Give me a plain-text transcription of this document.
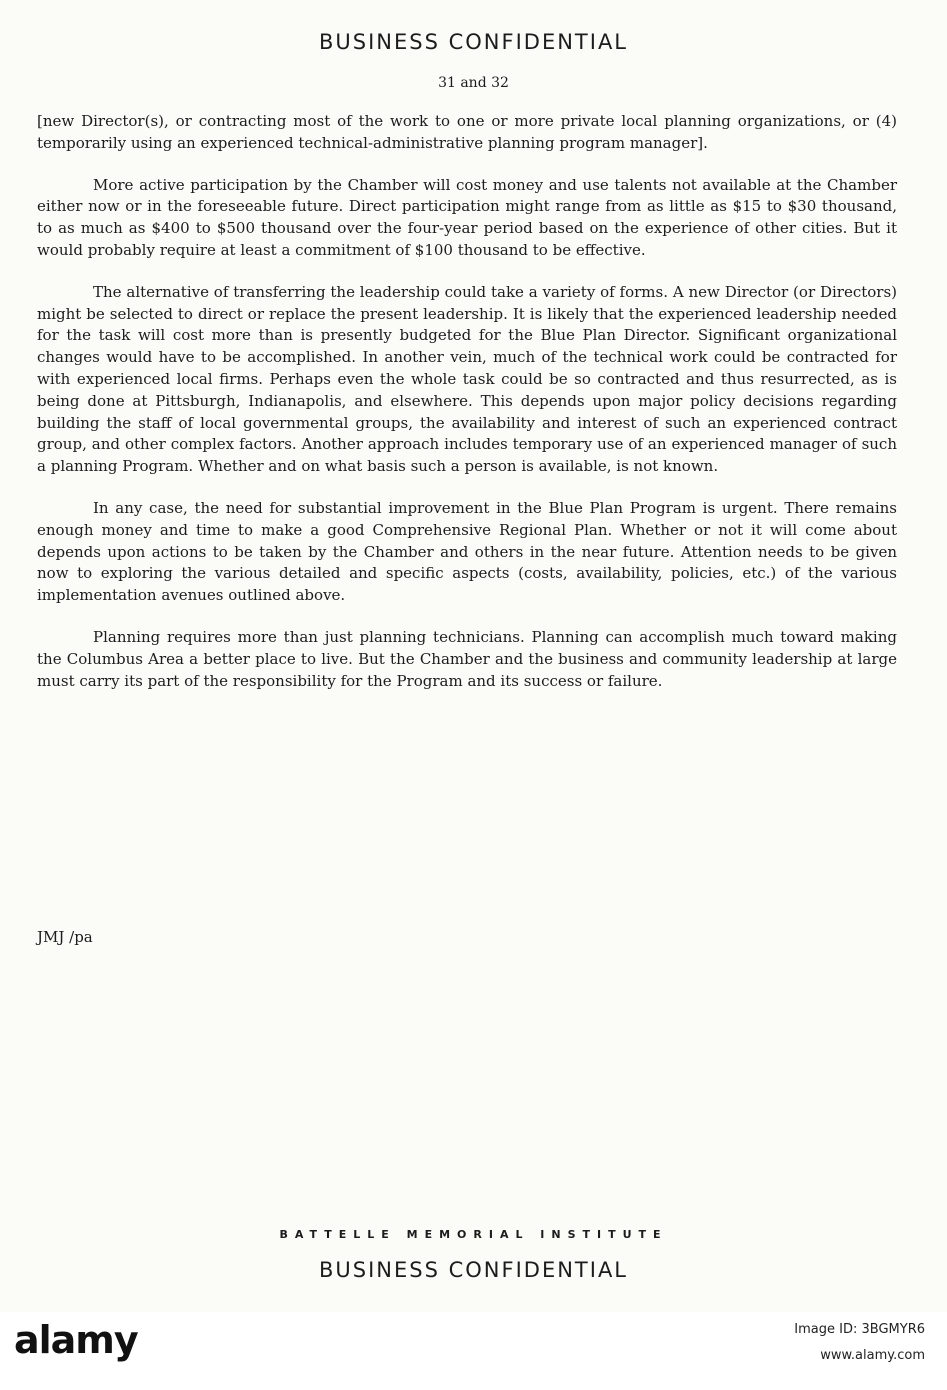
BUSINESS CONFIDENTIAL
31 and 32

[new Director(s), or contracting most of the work to one or more private local planning organizations, or (4) temporarily using an experienced technical-administrative planning program manager].

More active participation by the Chamber will cost money and use talents not available at the Chamber either now or in the foreseeable future. Direct participation might range from as little as $15 to $30 thousand, to as much as $400 to $500 thousand over the four-year period based on the experience of other cities. But it would probably require at least a commitment of $100 thousand to be effective.

The alternative of transferring the leadership could take a variety of forms. A new Director (or Directors) might be selected to direct or replace the present leadership. It is likely that the experienced leadership needed for the task will cost more than is presently budgeted for the Blue Plan Director. Significant organizational changes would have to be accomplished. In another vein, much of the technical work could be contracted for with experienced local firms. Perhaps even the whole task could be so contracted and thus resurrected, as is being done at Pittsburgh, Indianapolis, and elsewhere. This depends upon major policy decisions regarding building the staff of local governmental groups, the availability and interest of such an experienced contract group, and other complex factors. Another approach includes temporary use of an experienced manager of such a planning Program. Whether and on what basis such a person is available, is not known.

In any case, the need for substantial improvement in the Blue Plan Program is urgent. There remains enough money and time to make a good Comprehensive Regional Plan. Whether or not it will come about depends upon actions to be taken by the Chamber and others in the near future. Attention needs to be given now to exploring the various detailed and specific aspects (costs, availability, policies, etc.) of the various implementation avenues outlined above.

Planning requires more than just planning technicians. Planning can accomplish much toward making the Columbus Area a better place to live. But the Chamber and the business and community leadership at large must carry its part of the responsibility for the Program and its success or failure.

JMJ /pa
BATTELLE MEMORIAL INSTITUTE
BUSINESS CONFIDENTIAL
alamy	Image ID: 3BGMYR6
www.alamy.com
